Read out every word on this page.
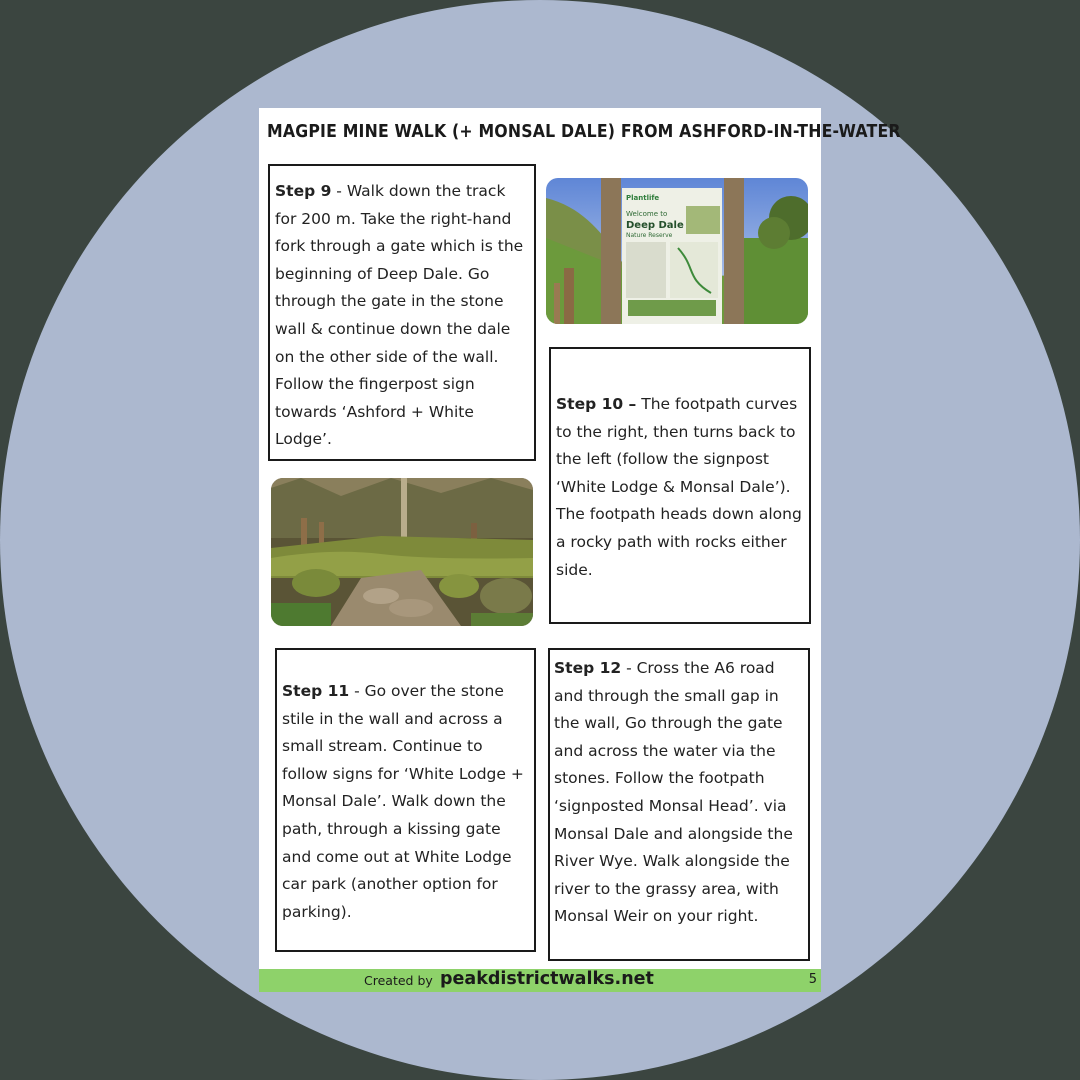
MAGPIE MINE WALK (+ MONSAL DALE) FROM ASHFORD-IN-THE-WATER
Step 9 - Walk down the track for 200 m. Take the right-hand fork through a gate which is the beginning of Deep Dale. Go through the gate in the stone wall & continue down the dale on the other side of the wall. Follow the fingerpost sign towards ‘Ashford + White Lodge’.
Plantlife
Welcome to
Deep Dale
Nature Reserve
Step 10 – The footpath curves to the right, then turns back to the left (follow the signpost ‘White Lodge & Monsal Dale’). The footpath heads down along a rocky path with rocks either side.
Step 11 - Go over the stone stile in the wall and across a small stream. Continue to follow signs for ‘White Lodge + Monsal Dale’. Walk down the path, through a kissing gate and come out at White Lodge car park (another option for parking).
Step 12 - Cross the A6 road and through the small gap in the wall, Go through the gate and across the water via the stones. Follow the footpath ‘signposted Monsal Head’. via Monsal Dale and alongside the River Wye. Walk alongside the river to the grassy area, with Monsal Weir on your right.
Created by peakdistrictwalks.net	5
